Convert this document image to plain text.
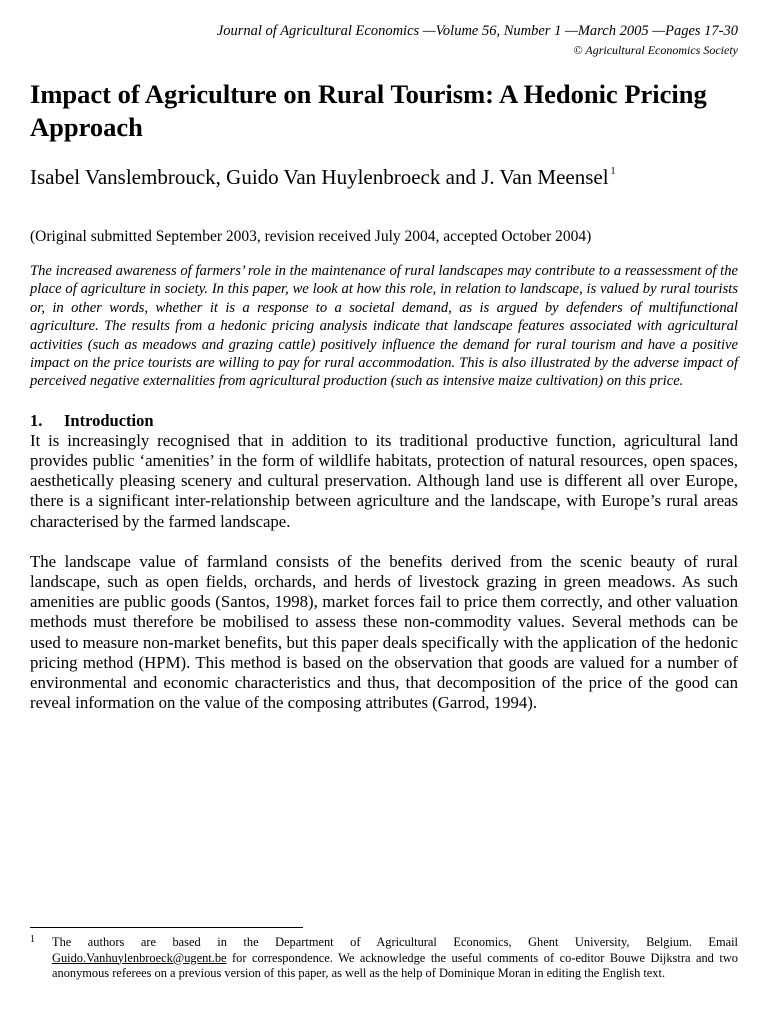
Journal of Agricultural Economics —Volume 56, Number 1 —March 2005 —Pages 17-30
© Agricultural Economics Society
Impact of Agriculture on Rural Tourism: A Hedonic Pricing Approach
Isabel Vanslembrouck, Guido Van Huylenbroeck and J. Van Meensel $^1$
(Original submitted September 2003, revision received July 2004, accepted October 2004)
The increased awareness of farmers’ role in the maintenance of rural landscapes may contribute to a reassessment of the place of agriculture in society. In this paper, we look at how this role, in relation to landscape, is valued by rural tourists or, in other words, whether it is a response to a societal demand, as is argued by defenders of multifunctional agriculture. The results from a hedonic pricing analysis indicate that landscape features associated with agricultural activities (such as meadows and grazing cattle) positively influence the demand for rural tourism and have a positive impact on the price tourists are willing to pay for rural accommodation. This is also illustrated by the adverse impact of perceived negative externalities from agricultural production (such as intensive maize cultivation) on this price.
1. Introduction

It is increasingly recognised that in addition to its traditional productive function, agricultural land provides public ‘amenities’ in the form of wildlife habitats, protection of natural resources, open spaces, aesthetically pleasing scenery and cultural preservation. Although land use is different all over Europe, there is a significant inter-relationship between agriculture and the landscape, with Europe’s rural areas characterised by the farmed landscape.

The landscape value of farmland consists of the benefits derived from the scenic beauty of rural landscape, such as open fields, orchards, and herds of livestock grazing in green meadows. As such amenities are public goods (Santos, 1998), market forces fail to price them correctly, and other valuation methods must therefore be mobilised to assess these non-commodity values. Several methods can be used to measure non-market benefits, but this paper deals specifically with the application of the hedonic pricing method (HPM). This method is based on the observation that goods are valued for a number of environmental and economic characteristics and thus, that decomposition of the price of the good can reveal information on the value of the composing attributes (Garrod, 1994).

1	The authors are based in the Department of Agricultural Economics, Ghent University, Belgium. Email Guido.Vanhuylenbroeck@ugent.be for correspondence. We acknowledge the useful comments of co-editor Bouwe Dijkstra and two anonymous referees on a previous version of this paper, as well as the help of Dominique Moran in editing the English text.
